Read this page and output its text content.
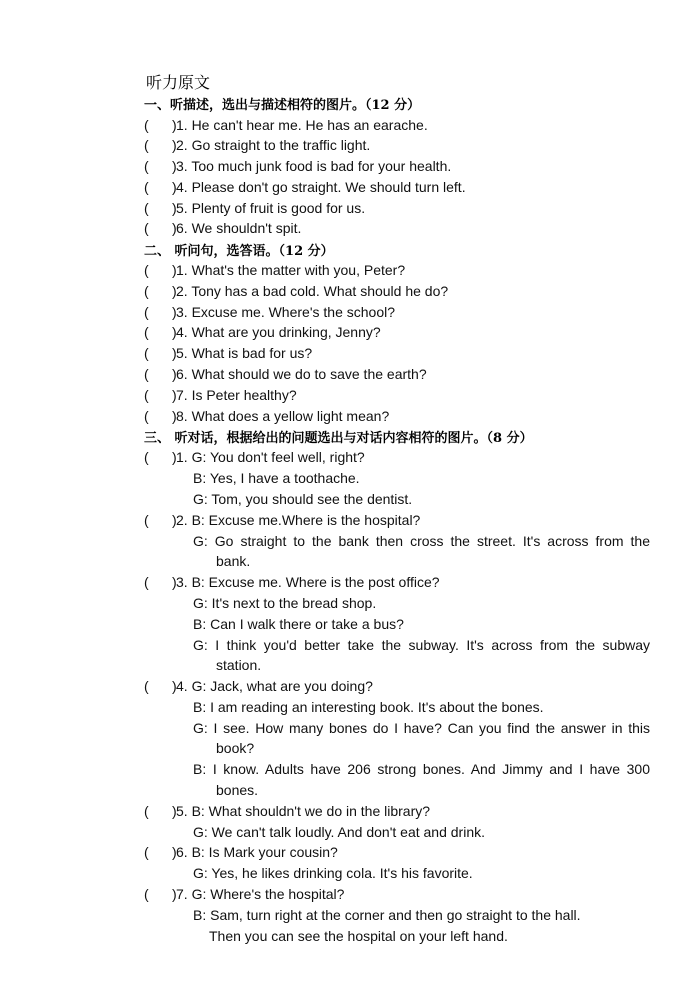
听力原文
一、听描述，选出与描述相符的图片。（12 分）
(      ) 1. He can't hear me. He has an earache.
(      ) 2. Go straight to the traffic light.
(      ) 3. Too much junk food is bad for your health.
(      ) 4. Please don't go straight. We should turn left.
(      ) 5. Plenty of fruit is good for us.
(      ) 6. We shouldn't spit.
二、 听问句，选答语。（12 分）
(      ) 1. What's the matter with you, Peter?
(      ) 2. Tony has a bad cold. What should he do?
(      ) 3. Excuse me. Where's the school?
(      ) 4. What are you drinking, Jenny?
(      ) 5. What is bad for us?
(      ) 6. What should we do to save the earth?
(      ) 7. Is Peter healthy?
(      ) 8. What does a yellow light mean?
三、 听对话，根据给出的问题选出与对话内容相符的图片。（8 分）
(      ) 1. G: You don't feel well, right?
B: Yes, I have a toothache.
G: Tom, you should see the dentist.
(      ) 2. B: Excuse me.Where is the hospital?
G: Go straight to the bank then cross the street. It's across from the
bank.
(      ) 3. B: Excuse me. Where is the post office?
G: It's next to the bread shop.
B: Can I walk there or take a bus?
G: I think you'd better take the subway. It's across from the subway
station.
(      ) 4. G: Jack, what are you doing?
B: I am reading an interesting book. It's about the bones.
G: I see. How many bones do I have? Can you find the answer in this
book?
B: I know. Adults have 206 strong bones. And Jimmy and I have 300
bones.
(      ) 5. B: What shouldn't we do in the library?
G: We can't talk loudly. And don't eat and drink.
(      ) 6. B: Is Mark your cousin?
G: Yes, he likes drinking cola. It's his favorite.
(      ) 7. G: Where's the hospital?
B: Sam, turn right at the corner and then go straight to the hall.
Then you can see the hospital on your left hand.
